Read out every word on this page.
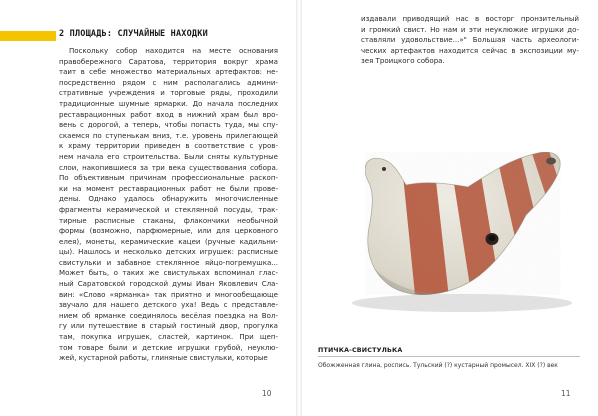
2 ПЛОЩАДЬ: СЛУЧАЙНЫЕ НАХОДКИ
Поскольку собор находится на месте основания
правобережного Саратова, территория вокруг храма
таит в себе множество материальных артефактов: не-
посредственно рядом с ним располагались админи-
стративные учреждения и торговые ряды, проходили
традиционные шумные ярмарки. До начала последних
реставрационных работ вход в нижний храм был вро-
вень с дорогой, а теперь, чтобы попасть туда, мы спу-
скаемся по ступенькам вниз, т.е. уровень прилегающей
к храму территории приведен в соответствие с уров-
нем начала его строительства. Были сняты культурные
слои, накопившиеся за три века существования собора.
По объективным причинам профессиональные раскоп-
ки на момент реставрационных работ не были прове-
дены. Однако удалось обнаружить многочисленные
фрагменты керамической и стеклянной посуды, трак-
тирные расписные стаканы, флакончики необычной
формы (возможно, парфюмерные, или для церковного
елея), монеты, керамические кацеи (ручные кадильни-
цы). Нашлось и несколько детских игрушек: расписные
свистульки и забавное стеклянное яйцо-погремушка...
Может быть, о таких же свистульках вспоминал глас-
ный Саратовской городской думы Иван Яковлевич Сла-
вин: «Слово «ярманка» так приятно и многообещающе
звучало для нашего детского уха! Ведь с представле-
нием об ярманке соединялось весёлая поездка на Вол-
гу или путешествие в старый гостиный двор, прогулка
там, покупка игрушек, сластей, картинок. При щеп-
том товаре были и детские игрушки грубой, неуклю-
жей, кустарной работы, глиняные свистульки, которые
10
издавали приводящий нас в восторг пронзительный
и громкий свист. Но нам и эти неуклюжие игрушки до-
ставляли удовольствие...»" Большая часть археологи-
ческих артефактов находится сейчас в экспозиции му-
зея Троицкого собора.
ПТИЧКА-СВИСТУЛЬКА
Обожженная глина, роспись. Тульский (?) кустарный промысел. XIX (?) век
11
